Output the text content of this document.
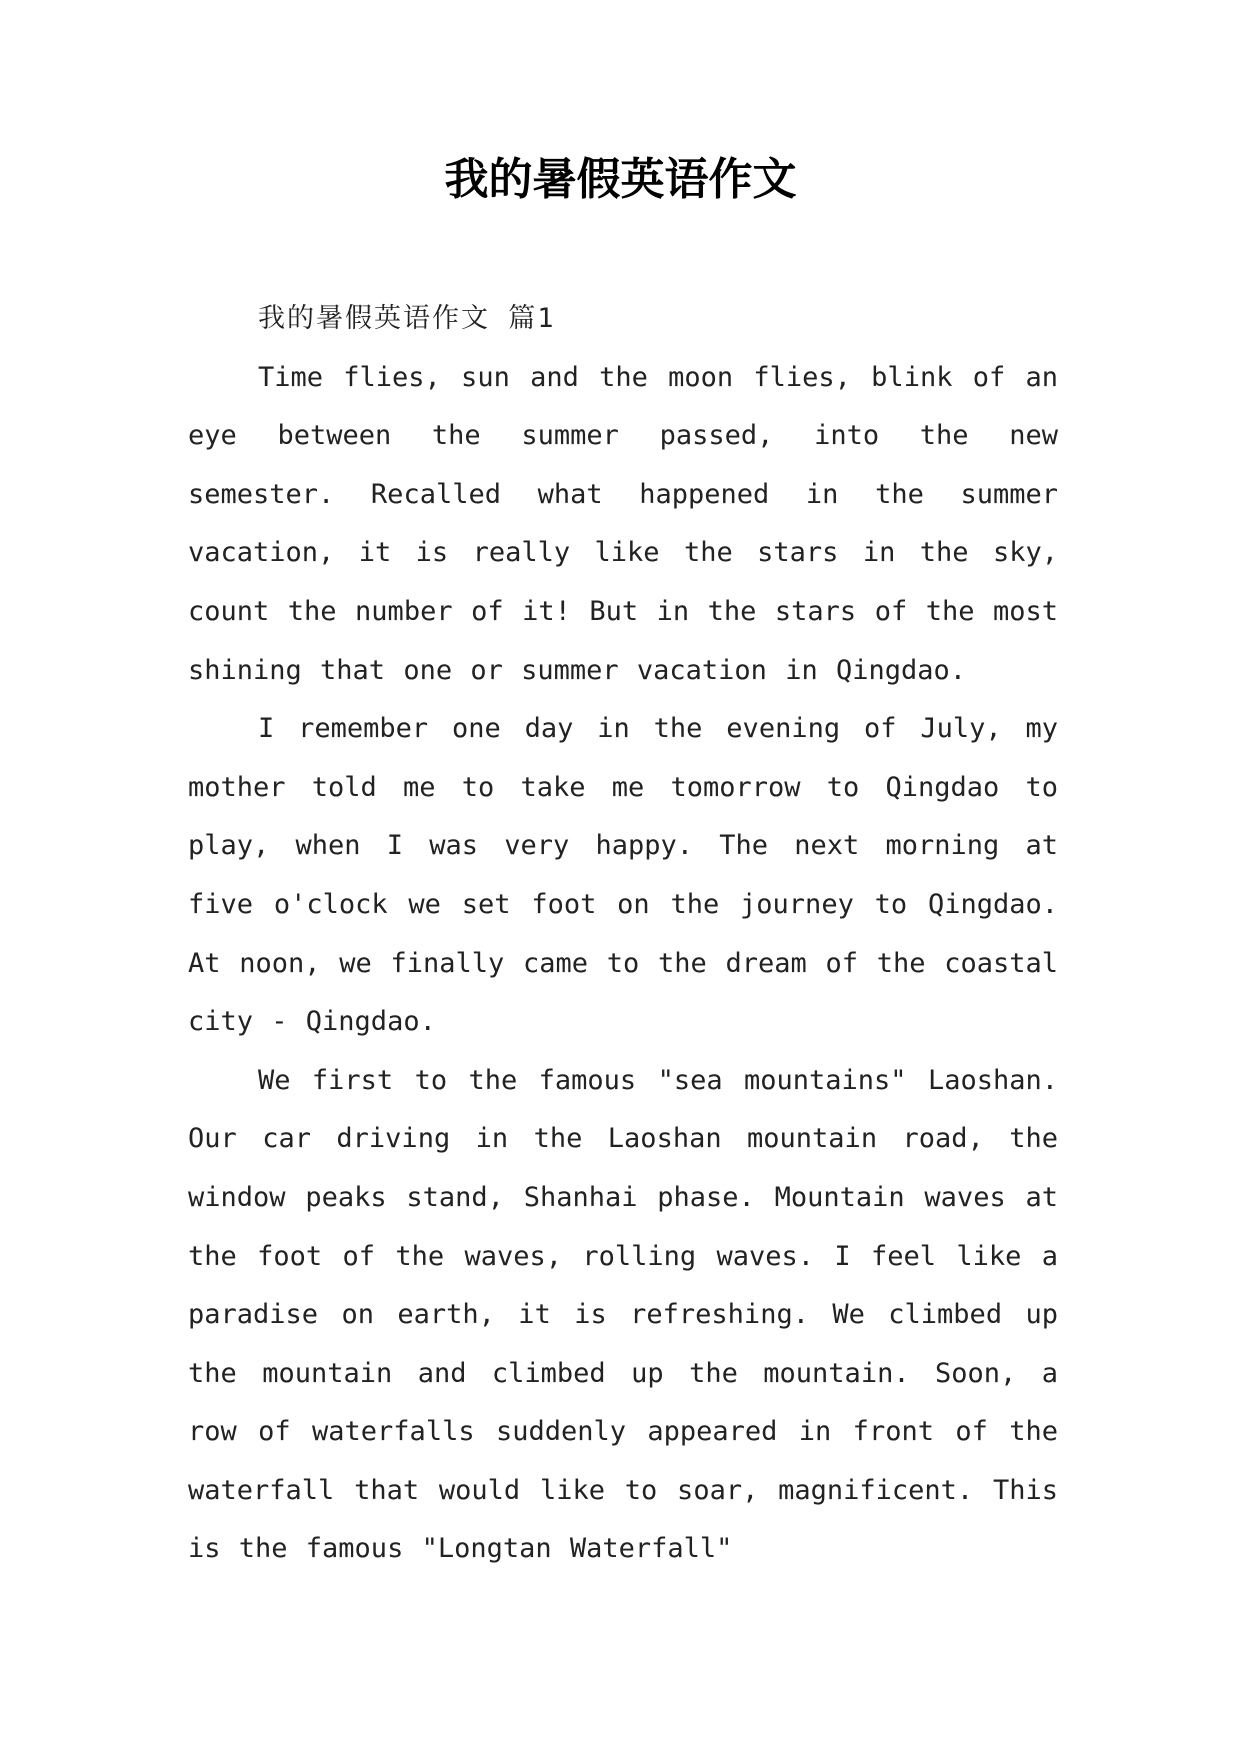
我的暑假英语作文
我的暑假英语作文 篇1

Time flies, sun and the moon flies, blink of an eye between the summer passed, into the new semester. Recalled what happened in the summer vacation, it is really like the stars in the sky, count the number of it! But in the stars of the most shining that one or summer vacation in Qingdao.

I remember one day in the evening of July, my mother told me to take me tomorrow to Qingdao to play, when I was very happy. The next morning at five o'clock we set foot on the journey to Qingdao. At noon, we finally came to the dream of the coastal city - Qingdao.

We first to the famous "sea mountains" Laoshan. Our car driving in the Laoshan mountain road, the window peaks stand, Shanhai phase. Mountain waves at the foot of the waves, rolling waves. I feel like a paradise on earth, it is refreshing. We climbed up the mountain and climbed up the mountain. Soon, a row of waterfalls suddenly appeared in front of the waterfall that would like to soar, magnificent. This is the famous "Longtan Waterfall"
